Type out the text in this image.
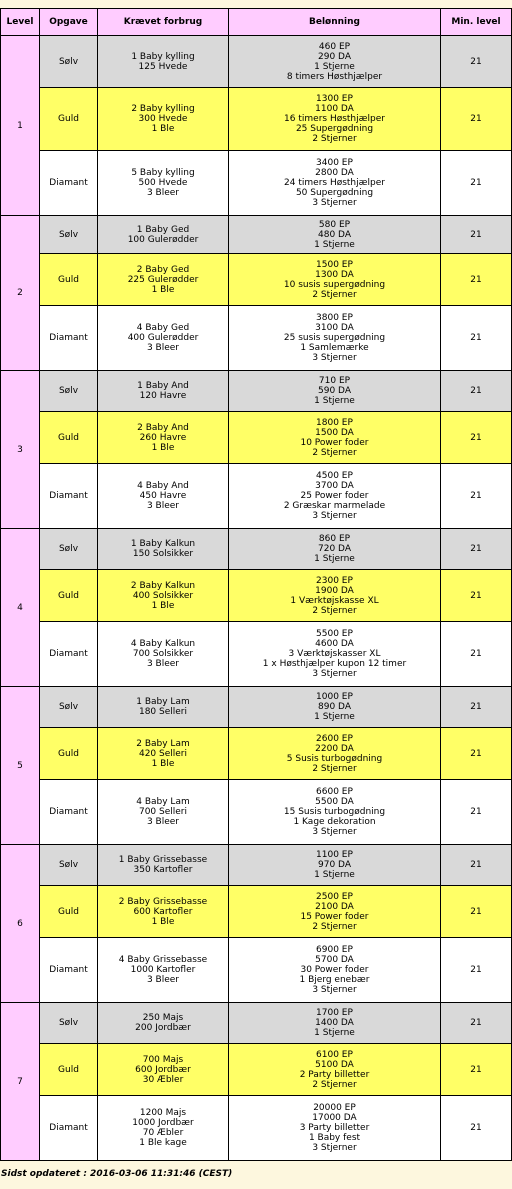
Level	Opgave	Krævet forbrug	Belønning	Min. level
1	Sølv	1 Baby kylling
125 Hvede	460 EP
290 DA
1 Stjerne
8 timers Høsthjælper	21
	Guld	2 Baby kylling
300 Hvede
1 Ble	1300 EP
1100 DA
16 timers Høsthjælper
25 Supergødning
2 Stjerner	21
	Diamant	5 Baby kylling
500 Hvede
3 Bleer	3400 EP
2800 DA
24 timers Høsthjælper
50 Supergødning
3 Stjerner	21
2	Sølv	1 Baby Ged
100 Gulerødder	580 EP
480 DA
1 Stjerne	21
	Guld	2 Baby Ged
225 Gulerødder
1 Ble	1500 EP
1300 DA
10 susis supergødning
2 Stjerner	21
	Diamant	4 Baby Ged
400 Gulerødder
3 Bleer	3800 EP
3100 DA
25 susis supergødning
1 Samlemærke
3 Stjerner	21
3	Sølv	1 Baby And
120 Havre	710 EP
590 DA
1 Stjerne	21
	Guld	2 Baby And
260 Havre
1 Ble	1800 EP
1500 DA
10 Power foder
2 Stjerner	21
	Diamant	4 Baby And
450 Havre
3 Bleer	4500 EP
3700 DA
25 Power foder
2 Græskar marmelade
3 Stjerner	21
4	Sølv	1 Baby Kalkun
150 Solsikker	860 EP
720 DA
1 Stjerne	21
	Guld	2 Baby Kalkun
400 Solsikker
1 Ble	2300 EP
1900 DA
1 Værktøjskasse XL
2 Stjerner	21
	Diamant	4 Baby Kalkun
700 Solsikker
3 Bleer	5500 EP
4600 DA
3 Værktøjskasser XL
1 x Høsthjælper kupon 12 timer
3 Stjerner	21
5	Sølv	1 Baby Lam
180 Selleri	1000 EP
890 DA
1 Stjerne	21
	Guld	2 Baby Lam
420 Selleri
1 Ble	2600 EP
2200 DA
5 Susis turbogødning
2 Stjerner	21
	Diamant	4 Baby Lam
700 Selleri
3 Bleer	6600 EP
5500 DA
15 Susis turbogødning
1 Kage dekoration
3 Stjerner	21
6	Sølv	1 Baby Grissebasse
350 Kartofler	1100 EP
970 DA
1 Stjerne	21
	Guld	2 Baby Grissebasse
600 Kartofler
1 Ble	2500 EP
2100 DA
15 Power foder
2 Stjerner	21
	Diamant	4 Baby Grissebasse
1000 Kartofler
3 Bleer	6900 EP
5700 DA
30 Power foder
1 Bjerg enebær
3 Stjerner	21
7	Sølv	250 Majs
200 Jordbær	1700 EP
1400 DA
1 Stjerne	21
	Guld	700 Majs
600 Jordbær
30 Æbler	6100 EP
5100 DA
2 Party billetter
2 Stjerner	21
	Diamant	1200 Majs
1000 Jordbær
70 Æbler
1 Ble kage	20000 EP
17000 DA
3 Party billetter
1 Baby fest
3 Stjerner	21
Sidst opdateret : 2016-03-06 11:31:46 (CEST)
